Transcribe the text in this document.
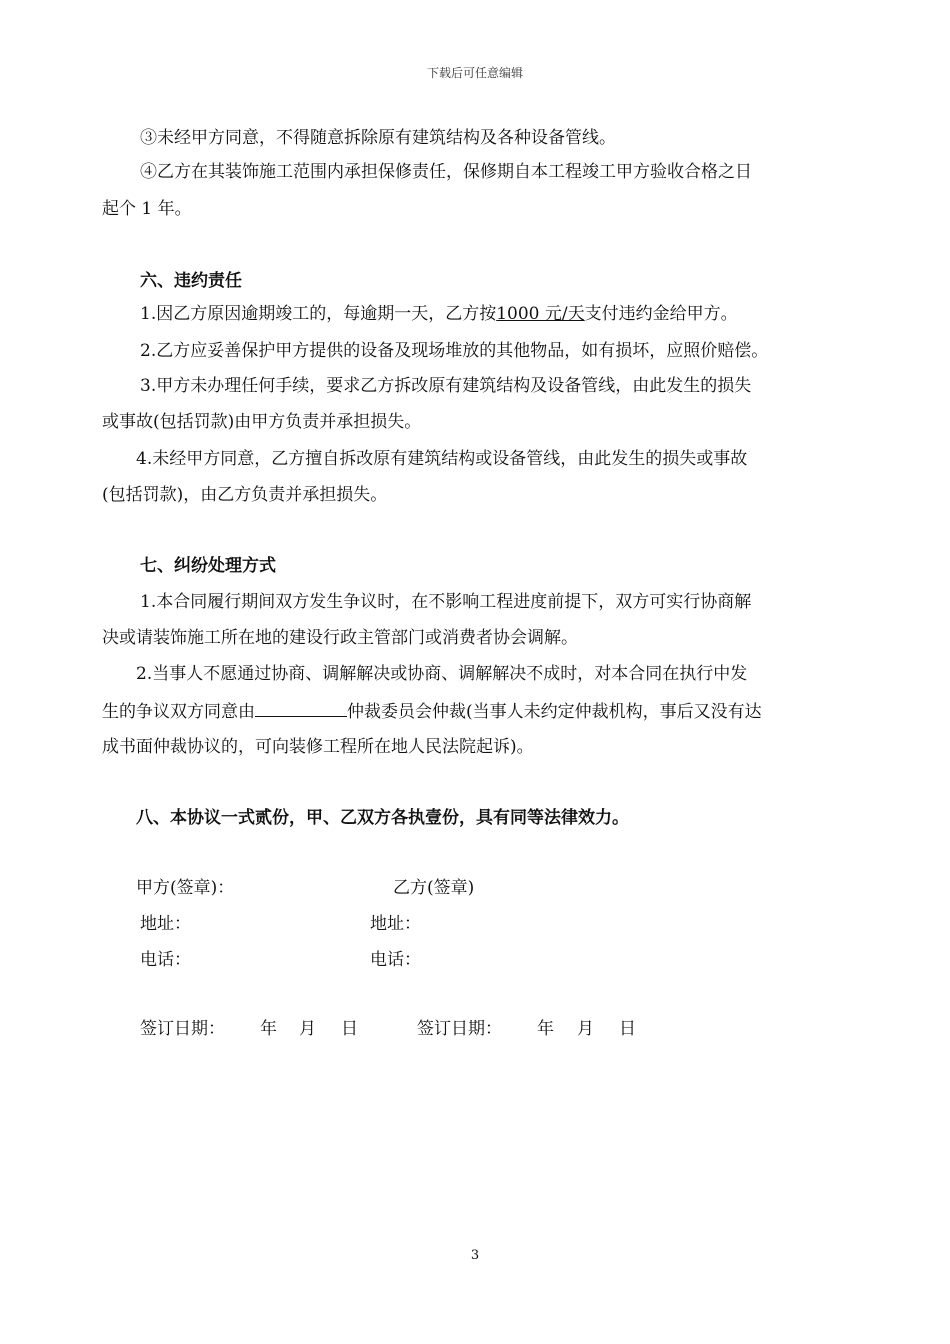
下载后可任意编辑
③未经甲方同意，不得随意拆除原有建筑结构及各种设备管线。
④乙方在其装饰施工范围内承担保修责任，保修期自本工程竣工甲方验收合格之日
起个 1 年。
六、违约责任
1.因乙方原因逾期竣工的，每逾期一天，乙方按1000 元/天支付违约金给甲方。
2.乙方应妥善保护甲方提供的设备及现场堆放的其他物品，如有损坏，应照价赔偿。
3.甲方未办理任何手续，要求乙方拆改原有建筑结构及设备管线，由此发生的损失
或事故(包括罚款)由甲方负责并承担损失。
4.未经甲方同意，乙方擅自拆改原有建筑结构或设备管线，由此发生的损失或事故
(包括罚款)，由乙方负责并承担损失。
七、纠纷处理方式
1.本合同履行期间双方发生争议时，在不影响工程进度前提下，双方可实行协商解
决或请装饰施工所在地的建设行政主管部门或消费者协会调解。
2.当事人不愿通过协商、调解解决或协商、调解解决不成时，对本合同在执行中发
生的争议双方同意由	仲裁委员会仲裁(当事人未约定仲裁机构，事后又没有达
成书面仲裁协议的，可向装修工程所在地人民法院起诉)。
八、本协议一式贰份，甲、乙双方各执壹份，具有同等法律效力。
甲方(签章)：	乙方(签章)
地址：	地址：
电话：	电话：
签订日期： 年 月 日	签订日期： 年 月 日
3
